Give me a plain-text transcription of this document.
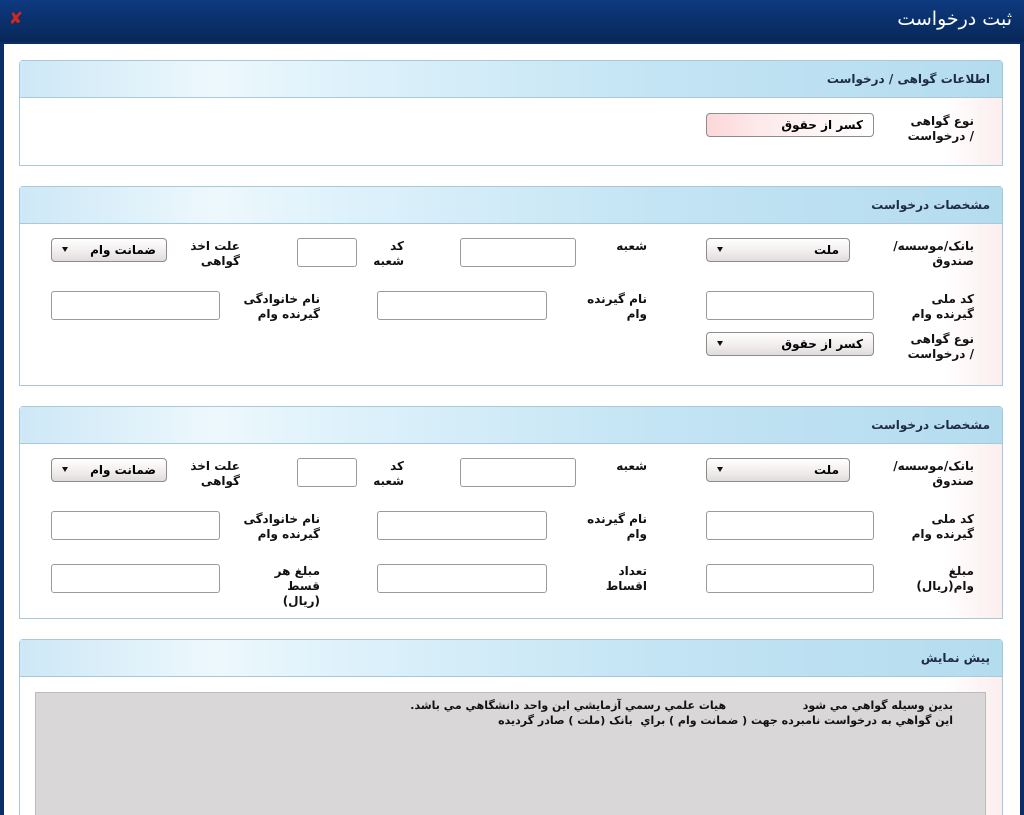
ثبت درخواست
✘
اطلاعات گواهی / درخواست
نوع گواهی / درخواست
کسر از حقوق
مشخصات درخواست
بانک/موسسه/صندوق
ملت
شعبه
کد شعبه
علت اخذ گواهی
ضمانت وام
کد ملی گیرنده وام
نام گیرنده وام
نام خانوادگی گیرنده وام
نوع گواهی / درخواست
کسر از حقوق
مشخصات درخواست
بانک/موسسه/صندوق
ملت
شعبه
کد شعبه
علت اخذ گواهی
ضمانت وام
کد ملی گیرنده وام
نام گیرنده وام
نام خانوادگی گیرنده وام
مبلغ وام(ریال)
تعداد اقساط
مبلغ هر قسط (ریال)
پیش نمایش
بدين وسيله گواهي مي شود                    هيات علمي رسمي آزمايشي اين واحد دانشگاهي مي باشد.
اين گواهي به درخواست نامبرده جهت ( ضمانت وام ) براي  بانک (ملت ) صادر گرديده
